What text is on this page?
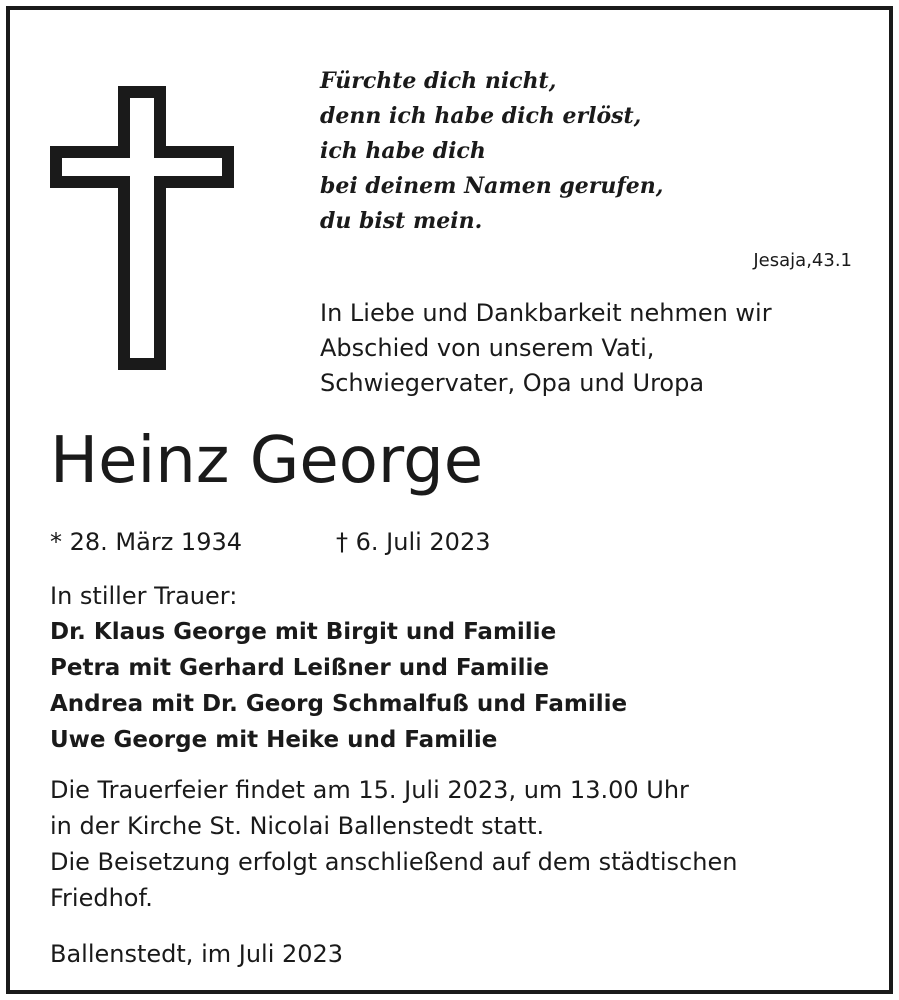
Fürchte dich nicht,
denn ich habe dich erlöst,
ich habe dich
bei deinem Namen gerufen,
du bist mein.
Jesaja,43.1
In Liebe und Dankbarkeit nehmen wir
Abschied von unserem Vati,
Schwiegervater, Opa und Uropa
Heinz George
* 28. März 1934	† 6. Juli 2023
In stiller Trauer:
Dr. Klaus George mit Birgit und Familie
Petra mit Gerhard Leißner und Familie
Andrea mit Dr. Georg Schmalfuß und Familie
Uwe George mit Heike und Familie
Die Trauerfeier findet am 15. Juli 2023, um 13.00 Uhr
in der Kirche St. Nicolai Ballenstedt statt.
Die Beisetzung erfolgt anschließend auf dem städtischen
Friedhof.
Ballenstedt, im Juli 2023
